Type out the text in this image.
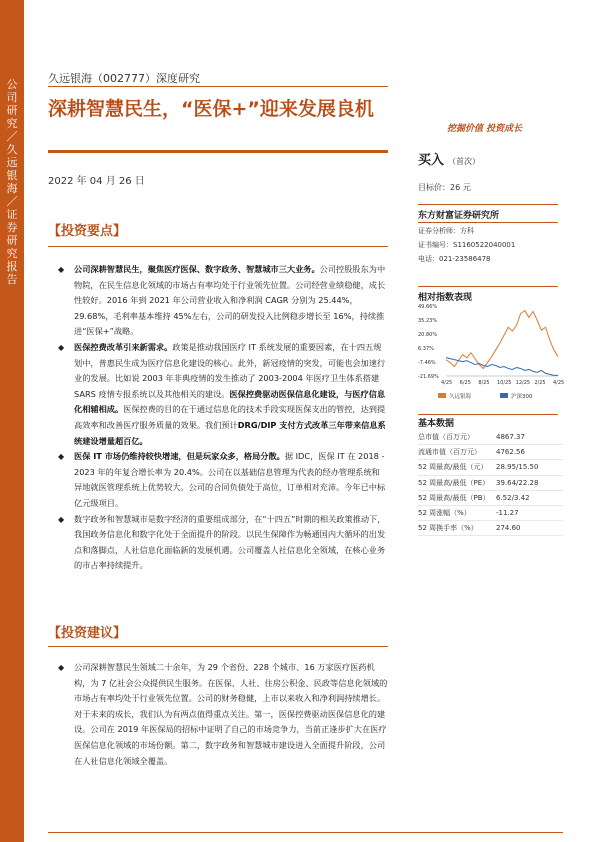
公司研究／久远银海／证券研究报告
久远银海（002777）深度研究
深耕智慧民生，“医保+”迎来发展良机
挖掘价值 投资成长
2022 年 04 月 26 日
买入 （首次）
目标价：26 元
东方财富证券研究所
证券分析师：方科
证书编号：S1160522040001
电话：021-23586478
相对指数表现
49.66%
35.23%
20.80%
6.37%
-7.46%
-21.69%
4/25 6/25 8/25 10/25 12/25 2/25 4/25
久远银海	沪深300
基本数据
总市值（百万元）	4867.37
流通市值（百万元）	4762.56
52 周最高/最低（元）	28.95/15.50
52 周最高/最低（PE） 39.64/22.28
52 周最高/最低（PB） 6.52/3.42
52 周涨幅（%）	-11.27
52 周换手率（%）	274.60
【投资要点】
◆ 公司深耕智慧民生，聚焦医疗医保、数字政务、智慧城市三大业务。公司控股股东为中物院，在民生信息化领域的市场占有率均处于行业领先位置。公司经营业绩稳健，成长性较好。2016 年到 2021 年公司营业收入和净利润 CAGR 分别为 25.44%，29.68%，毛利率基本维持 45%左右，公司的研发投入比例稳步增长至 16%，持续推进“医保+”战略。
◆ 医保控费改革引来新需求。政策是推动我国医疗 IT 系统发展的重要因素，在十四五规划中，普惠民生成为医疗信息化建设的核心。此外，新冠疫情的突发，可能也会加速行业的发展。比如说 2003 年非典疫情的发生推动了 2003-2004 年医疗卫生体系搭建 SARS 疫情专报系统以及其他相关的建设。医保控费驱动医保信息化建设，与医疗信息化相辅相成。医保控费的目的在于通过信息化的技术手段实现医保支出的管控，达到提高效率和改善医疗服务质量的效果。我们预计DRG/DIP 支付方式改革三年带来信息系统建设增量超百亿。
◆ 医保 IT 市场仍维持较快增速，但是玩家众多，格局分散。据 IDC，医保 IT 在 2018 - 2023 年的年复合增长率为 20.4%。公司在以基础信息管理为代表的经办管理系统和异地就医管理系统上优势较大。公司的合同负债处于高位，订单相对充沛。今年已中标亿元级项目。
◆ 数字政务和智慧城市是数字经济的重要组成部分，在“十四五”时期的相关政策推动下，我国政务信息化和数字化处于全面提升的阶段。以民生保障作为畅通国内大循环的出发点和落脚点，人社信息化面临新的发展机遇。公司覆盖人社信息化全领域，在核心业务的市占率持续提升。
【投资建议】
◆ 公司深耕智慧民生领域二十余年，为 29 个省份、228 个城市、16 万家医疗医药机构，为 7 亿社会公众提供民生服务。在医保、人社、住房公积金、民政等信息化领域的市场占有率均处于行业领先位置。公司的财务稳健，上市以来收入和净利润持续增长。对于未来的成长，我们认为有两点值得重点关注。第一，医保控费驱动医保信息化的建设。公司在 2019 年医保局的招标中证明了自己的市场竞争力，当前正逢步扩大在医疗医保信息化领域的市场份额。第二，数字政务和智慧城市建设进入全面提升阶段，公司在人社信息化领域全覆盖。
